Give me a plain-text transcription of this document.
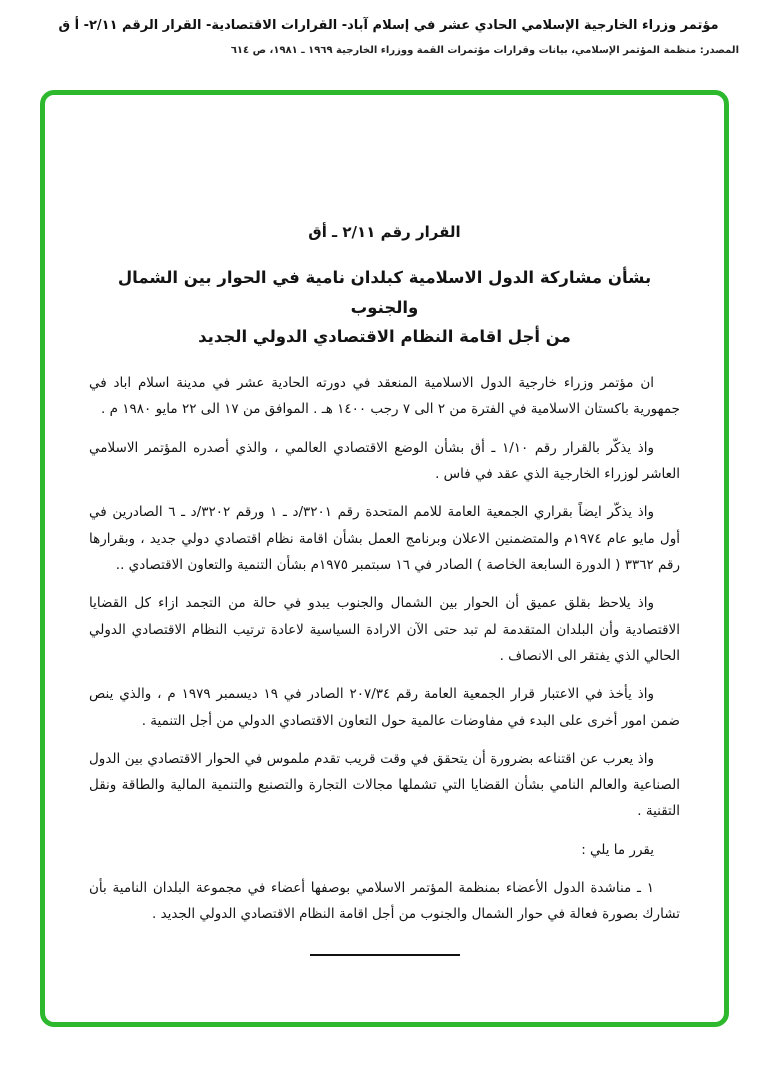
مؤتمر وزراء الخارجية الإسلامي الحادي عشر في إسلام آباد- القرارات الاقتصادية- القرار الرقم ٢/١١- أ ق
المصدر: منظمة المؤتمر الإسلامي، بيانات وقرارات مؤتمرات القمة ووزراء الخارجية ١٩٦٩ ـ ١٩٨١، ص ٦١٤
القرار رقم ٢/١١ ـ أق
بشأن مشاركة الدول الاسلامية كبلدان نامية في الحوار بين الشمال والجنوب
من أجل اقامة النظام الاقتصادي الدولي الجديد

ان مؤتمر وزراء خارجية الدول الاسلامية المنعقد في دورته الحادية عشر في مدينة اسلام اباد في جمهورية باكستان الاسلامية في الفترة من ٢ الى ٧ رجب ١٤٠٠ هـ . الموافق من ١٧ الى ٢٢ مايو ١٩٨٠ م .

واذ يذكّر بالقرار رقم ١/١٠ ـ أق بشأن الوضع الاقتصادي العالمي ، والذي أصدره المؤتمر الاسلامي العاشر لوزراء الخارجية الذي عقد في فاس .

واذ يذكّر ايضاً بقراري الجمعية العامة للامم المتحدة رقم ٣٢٠١/د ـ ١ ورقم ٣٢٠٢/د ـ ٦ الصادرين في أول مايو عام ١٩٧٤م والمتضمنين الاعلان وبرنامج العمل بشأن اقامة نظام اقتصادي دولي جديد ، وبقرارها رقم ٣٣٦٢ ( الدورة السابعة الخاصة ) الصادر في ١٦ سبتمبر ١٩٧٥م بشأن التنمية والتعاون الاقتصادي ..

واذ يلاحظ بقلق عميق أن الحوار بين الشمال والجنوب يبدو في حالة من التجمد ازاء كل القضايا الاقتصادية وأن البلدان المتقدمة لم تبد حتى الآن الارادة السياسية لاعادة ترتيب النظام الاقتصادي الدولي الحالي الذي يفتقر الى الانصاف .

واذ يأخذ في الاعتبار قرار الجمعية العامة رقم ٢٠٧/٣٤ الصادر في ١٩ ديسمبر ١٩٧٩ م ، والذي ينص ضمن امور أخرى على البدء في مفاوضات عالمية حول التعاون الاقتصادي الدولي من أجل التنمية .

واذ يعرب عن اقتناعه بضرورة أن يتحقق في وقت قريب تقدم ملموس في الحوار الاقتصادي بين الدول الصناعية والعالم النامي بشأن القضايا التي تشملها مجالات التجارة والتصنيع والتنمية المالية والطاقة ونقل التقنية .

يقرر ما يلي :

١ ـ مناشدة الدول الأعضاء بمنظمة المؤتمر الاسلامي بوصفها أعضاء في مجموعة البلدان النامية بأن تشارك بصورة فعالة في حوار الشمال والجنوب من أجل اقامة النظام الاقتصادي الدولي الجديد .
